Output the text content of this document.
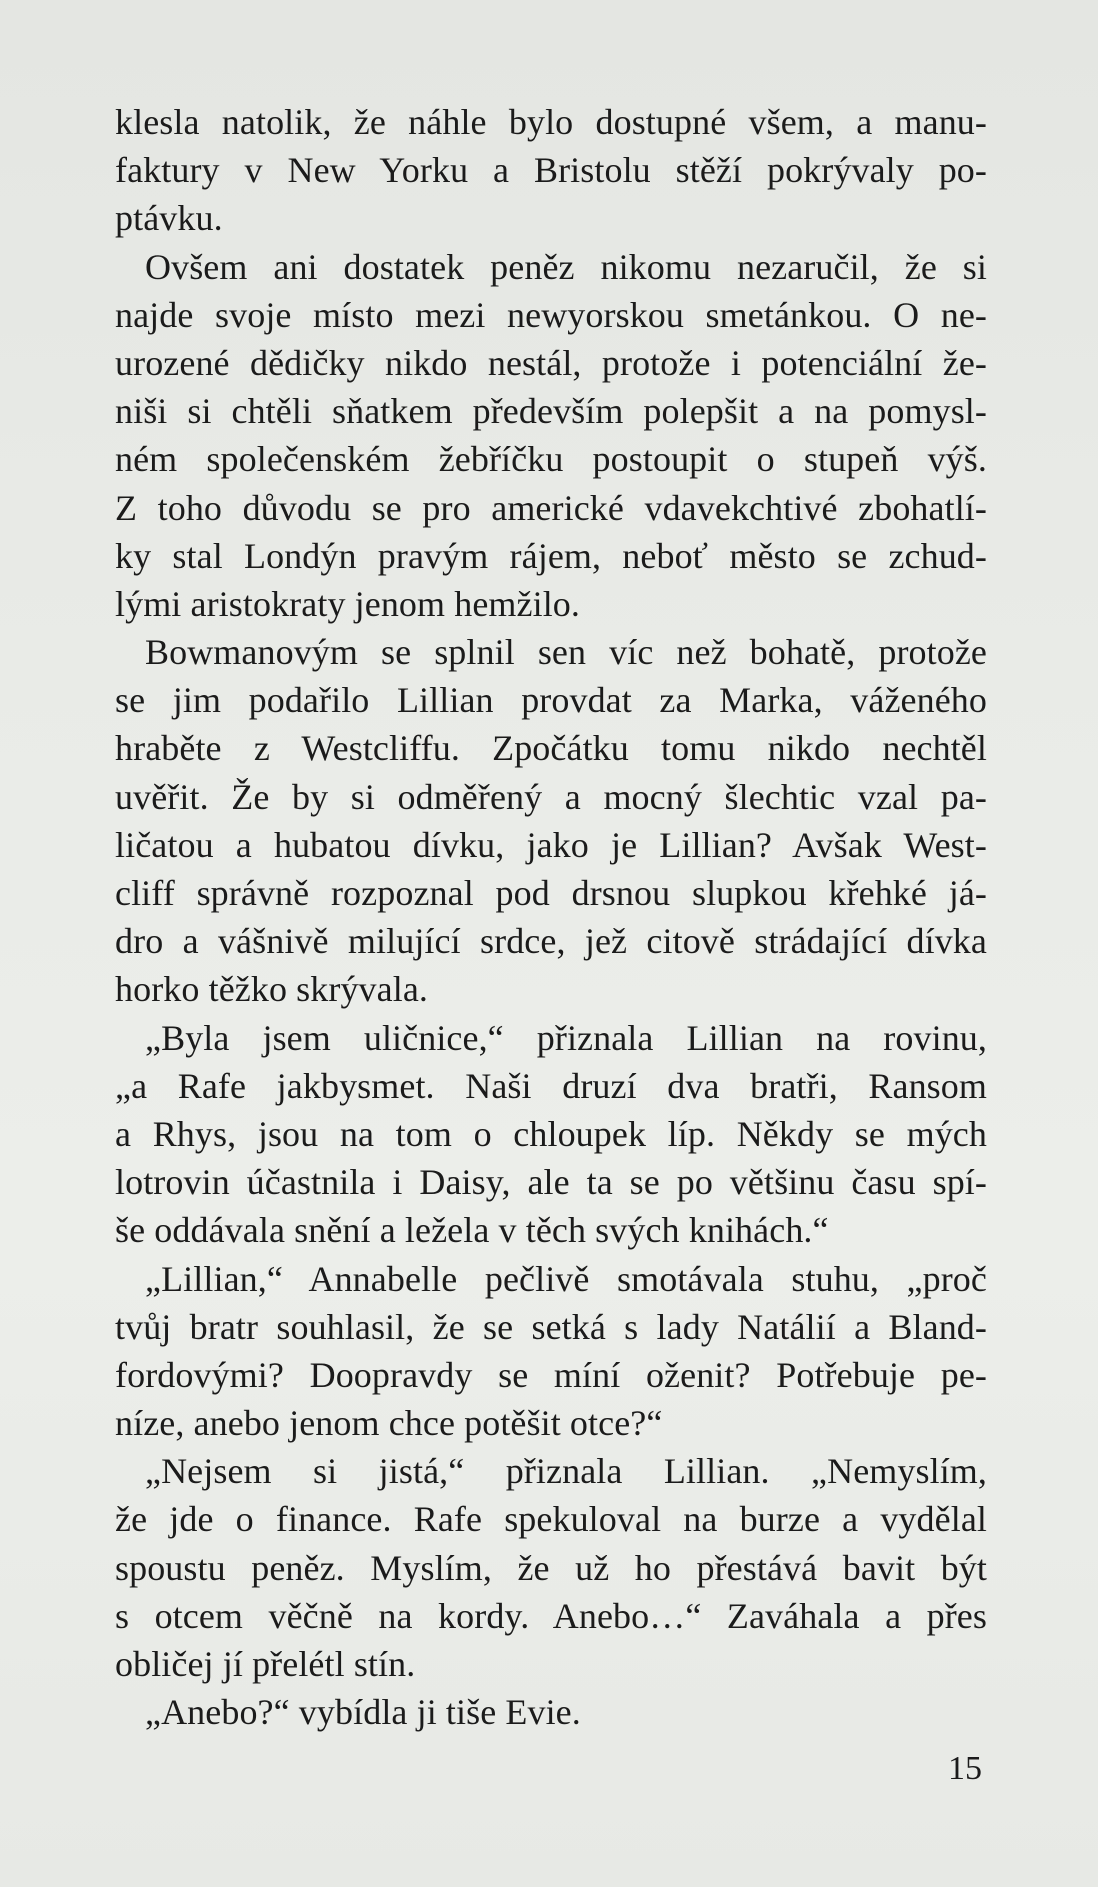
klesla natolik, že náhle bylo dostupné všem, a manu-
faktury v New Yorku a Bristolu stěží pokrývaly po-
ptávku.
Ovšem ani dostatek peněz nikomu nezaručil, že si
najde svoje místo mezi newyorskou smetánkou. O ne-
urozené dědičky nikdo nestál, protože i potenciální že-
niši si chtěli sňatkem především polepšit a na pomysl-
ném společenském žebříčku postoupit o stupeň výš.
Z toho důvodu se pro americké vdavekchtivé zbohatlí-
ky stal Londýn pravým rájem, neboť město se zchud-
lými aristokraty jenom hemžilo.
Bowmanovým se splnil sen víc než bohatě, protože
se jim podařilo Lillian provdat za Marka, váženého
hraběte z Westcliffu. Zpočátku tomu nikdo nechtěl
uvěřit. Že by si odměřený a mocný šlechtic vzal pa-
ličatou a hubatou dívku, jako je Lillian? Avšak West-
cliff správně rozpoznal pod drsnou slupkou křehké já-
dro a vášnivě milující srdce, jež citově strádající dívka
horko těžko skrývala.
„Byla jsem uličnice,“ přiznala Lillian na rovinu,
„a Rafe jakbysmet. Naši druzí dva bratři, Ransom
a Rhys, jsou na tom o chloupek líp. Někdy se mých
lotrovin účastnila i Daisy, ale ta se po většinu času spí-
še oddávala snění a ležela v těch svých knihách.“
„Lillian,“ Annabelle pečlivě smotávala stuhu, „proč
tvůj bratr souhlasil, že se setká s lady Natálií a Bland-
fordovými? Doopravdy se míní oženit? Potřebuje pe-
níze, anebo jenom chce potěšit otce?“
„Nejsem si jistá,“ přiznala Lillian. „Nemyslím,
že jde o finance. Rafe spekuloval na burze a vydělal
spoustu peněz. Myslím, že už ho přestává bavit být
s otcem věčně na kordy. Anebo…“ Zaváhala a přes
obličej jí přelétl stín.
„Anebo?“ vybídla ji tiše Evie.
15
